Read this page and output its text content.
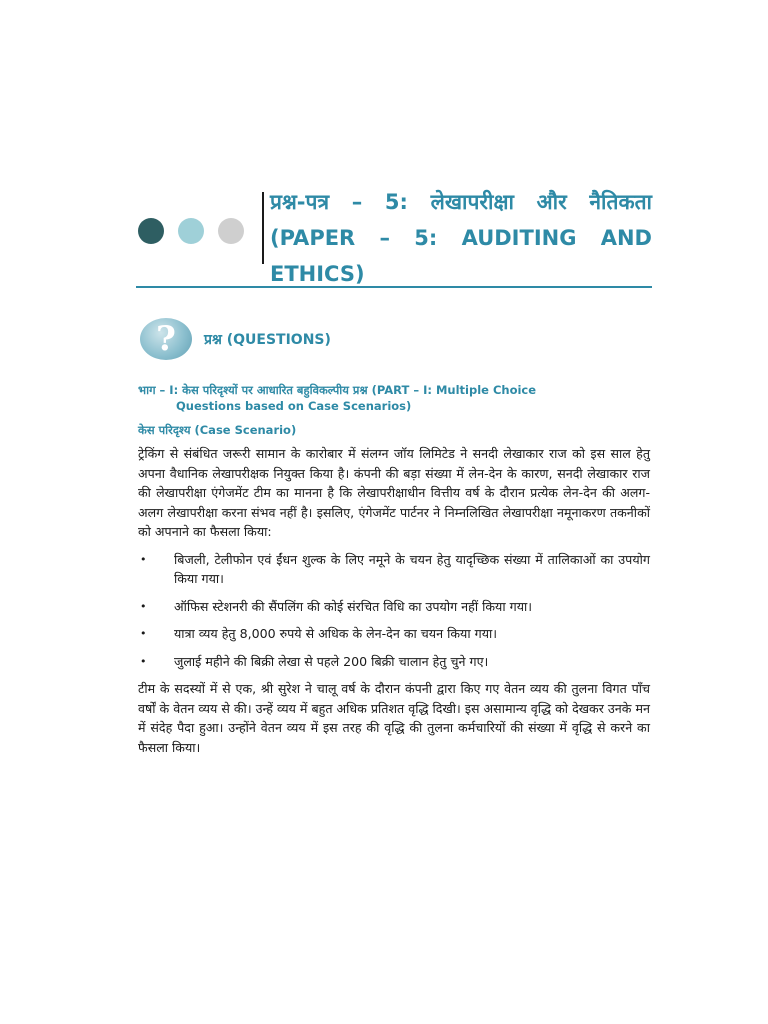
प्रश्न-पत्र – 5: लेखापरीक्षा और नैतिकता (PAPER – 5: AUDITING AND ETHICS)
?	प्रश्न (QUESTIONS)

भाग – I: केस परिदृश्यों पर आधारित बहुविकल्पीय प्रश्न (PART – I: Multiple Choice
Questions based on Case Scenarios)

केस परिदृश्य (Case Scenario)

ट्रेकिंग से संबंधित जरूरी सामान के कारोबार में संलग्न जॉय लिमिटेड ने सनदी लेखाकार राज को इस साल हेतु अपना वैधानिक लेखापरीक्षक नियुक्त किया है। कंपनी की बड़ा संख्या में लेन-देन के कारण, सनदी लेखाकार राज की लेखापरीक्षा एंगेजमेंट टीम का मानना है कि लेखापरीक्षाधीन वित्तीय वर्ष के दौरान प्रत्येक लेन-देन की अलग-अलग लेखापरीक्षा करना संभव नहीं है। इसलिए, एंगेजमेंट पार्टनर ने निम्नलिखित लेखापरीक्षा नमूनाकरण तकनीकों को अपनाने का फैसला किया:

• बिजली, टेलीफोन एवं ईंधन शुल्क के लिए नमूने के चयन हेतु यादृच्छिक संख्या में तालिकाओं का उपयोग किया गया।
• ऑफिस स्टेशनरी की सैंपलिंग की कोई संरचित विधि का उपयोग नहीं किया गया।
• यात्रा व्यय हेतु 8,000 रुपये से अधिक के लेन-देन का चयन किया गया।
• जुलाई महीने की बिक्री लेखा से पहले 200 बिक्री चालान हेतु चुने गए।

टीम के सदस्यों में से एक, श्री सुरेश ने चालू वर्ष के दौरान कंपनी द्वारा किए गए वेतन व्यय की तुलना विगत पाँच वर्षों के वेतन व्यय से की। उन्हें व्यय में बहुत अधिक प्रतिशत वृद्धि दिखी। इस असामान्य वृद्धि को देखकर उनके मन में संदेह पैदा हुआ। उन्होंने वेतन व्यय में इस तरह की वृद्धि की तुलना कर्मचारियों की संख्या में वृद्धि से करने का फैसला किया।
